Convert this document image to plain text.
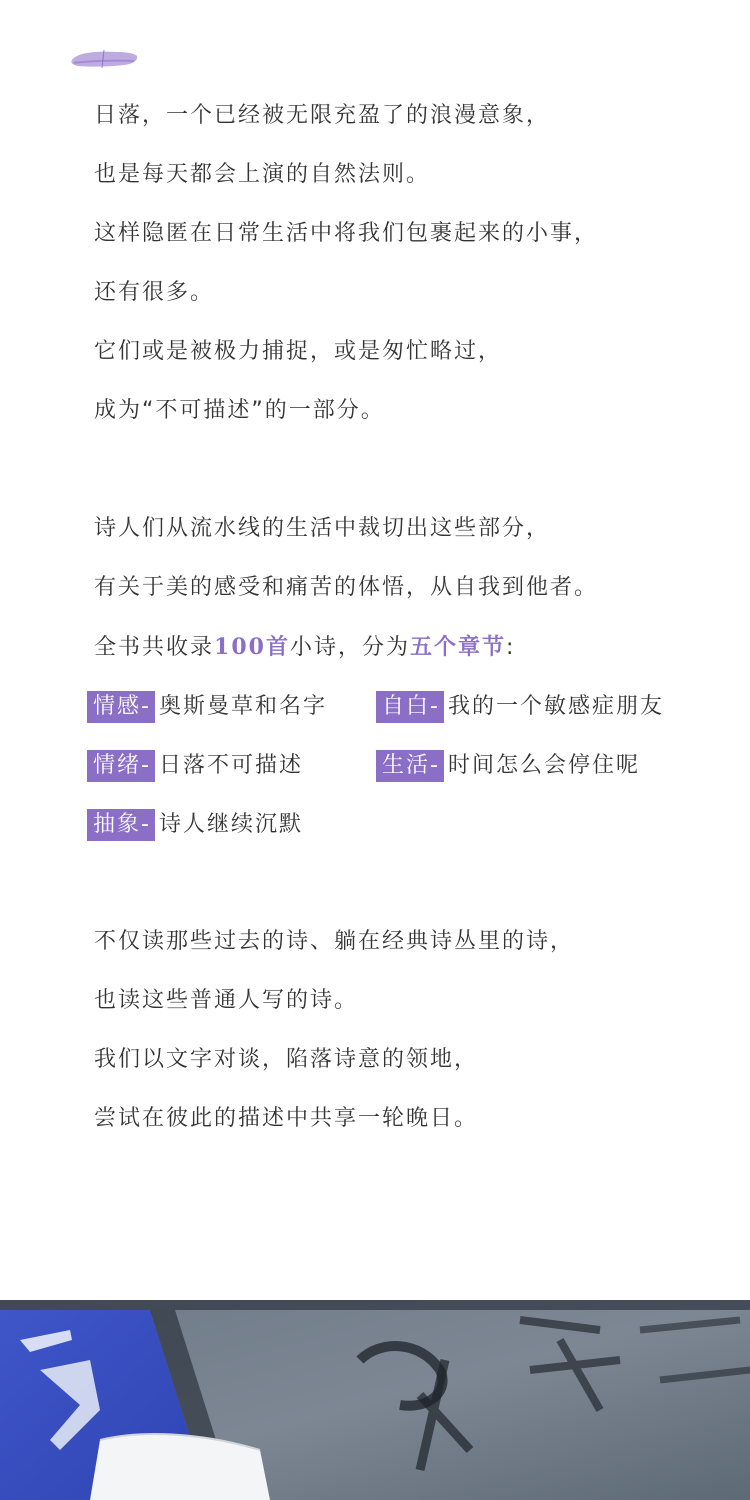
日落，一个已经被无限充盈了的浪漫意象，
也是每天都会上演的自然法则。
这样隐匿在日常生活中将我们包裹起来的小事，
还有很多。
它们或是被极力捕捉，或是匆忙略过，
成为“不可描述”的一部分。
诗人们从流水线的生活中裁切出这些部分，
有关于美的感受和痛苦的体悟，从自我到他者。
全书共收录100首小诗，分为五个章节:
情感- 奥斯曼草和名字	自白- 我的一个敏感症朋友
情绪- 日落不可描述	生活- 时间怎么会停住呢
抽象- 诗人继续沉默
不仅读那些过去的诗、躺在经典诗丛里的诗，
也读这些普通人写的诗。
我们以文字对谈，陷落诗意的领地，
尝试在彼此的描述中共享一轮晚日。
